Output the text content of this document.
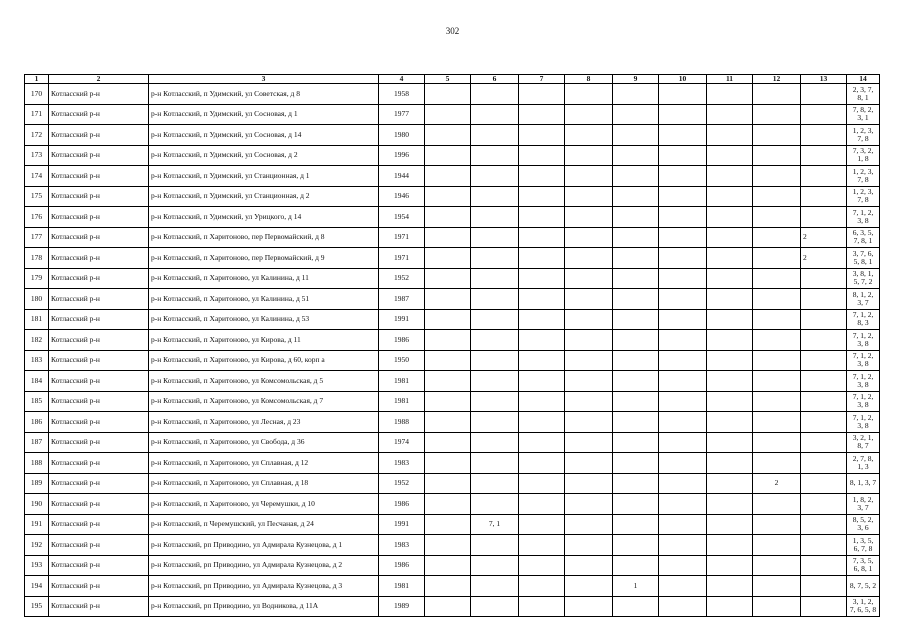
302
1	2	3	4	5	6	7	8	9	10	11	12	13	14
170	Котласский р-н	р-н Котласский, п Удимский, ул Советская, д 8	1958										2, 3, 7, 8, 1
171	Котласский р-н	р-н Котласский, п Удимский, ул Сосновая, д 1	1977										7, 8, 2, 3, 1
172	Котласский р-н	р-н Котласский, п Удимский, ул Сосновая, д 14	1980										1, 2, 3, 7, 8
173	Котласский р-н	р-н Котласский, п Удимский, ул Сосновая, д 2	1996										7, 3, 2, 1, 8
174	Котласский р-н	р-н Котласский, п Удимский, ул Станционная, д 1	1944										1, 2, 3, 7, 8
175	Котласский р-н	р-н Котласский, п Удимский, ул Станционная, д 2	1946										1, 2, 3, 7, 8
176	Котласский р-н	р-н Котласский, п Удимский, ул Урицкого, д 14	1954										7, 1, 2, 3, 8
177	Котласский р-н	р-н Котласский, п Харитоново, пер Первомайский, д 8	1971									2	6, 3, 5, 7, 8, 1
178	Котласский р-н	р-н Котласский, п Харитоново, пер Первомайский, д 9	1971									2	3, 7, 6, 5, 8, 1
179	Котласский р-н	р-н Котласский, п Харитоново, ул Калинина, д 11	1952										3, 8, 1, 5, 7, 2
180	Котласский р-н	р-н Котласский, п Харитоново, ул Калинина, д 51	1987										8, 1, 2, 3, 7
181	Котласский р-н	р-н Котласский, п Харитоново, ул Калинина, д 53	1991										7, 1, 2, 8, 3
182	Котласский р-н	р-н Котласский, п Харитоново, ул Кирова, д 11	1986										7, 1, 2, 3, 8
183	Котласский р-н	р-н Котласский, п Харитоново, ул Кирова, д 60, корп а	1950										7, 1, 2, 3, 8
184	Котласский р-н	р-н Котласский, п Харитоново, ул Комсомольская, д 5	1981										7, 1, 2, 3, 8
185	Котласский р-н	р-н Котласский, п Харитоново, ул Комсомольская, д 7	1981										7, 1, 2, 3, 8
186	Котласский р-н	р-н Котласский, п Харитоново, ул Лесная, д 23	1988										7, 1, 2, 3, 8
187	Котласский р-н	р-н Котласский, п Харитоново, ул Свобода, д 36	1974										3, 2, 1, 8, 7
188	Котласский р-н	р-н Котласский, п Харитоново, ул Сплавная, д 12	1983										2, 7, 8, 1, 3
189	Котласский р-н	р-н Котласский, п Харитоново, ул Сплавная, д 18	1952								2		8, 1, 3, 7
190	Котласский р-н	р-н Котласский, п Харитоново, ул Черемушки, д 10	1986										1, 8, 2, 3, 7
191	Котласский р-н	р-н Котласский, п Черемушский, ул Песчаная, д 24	1991		7, 1								8, 5, 2, 3, 6
192	Котласский р-н	р-н Котласский, рп Приводино, ул Адмирала Кузнецова, д 1	1983										1, 3, 5, 6, 7, 8
193	Котласский р-н	р-н Котласский, рп Приводино, ул Адмирала Кузнецова, д 2	1986										7, 3, 5, 6, 8, 1
194	Котласский р-н	р-н Котласский, рп Приводино, ул Адмирала Кузнецова, д 3	1981					1					8, 7, 5, 2
195	Котласский р-н	р-н Котласский, рп Приводино, ул Водникова, д 11А	1989										3, 1, 2, 7, 6, 5, 8
